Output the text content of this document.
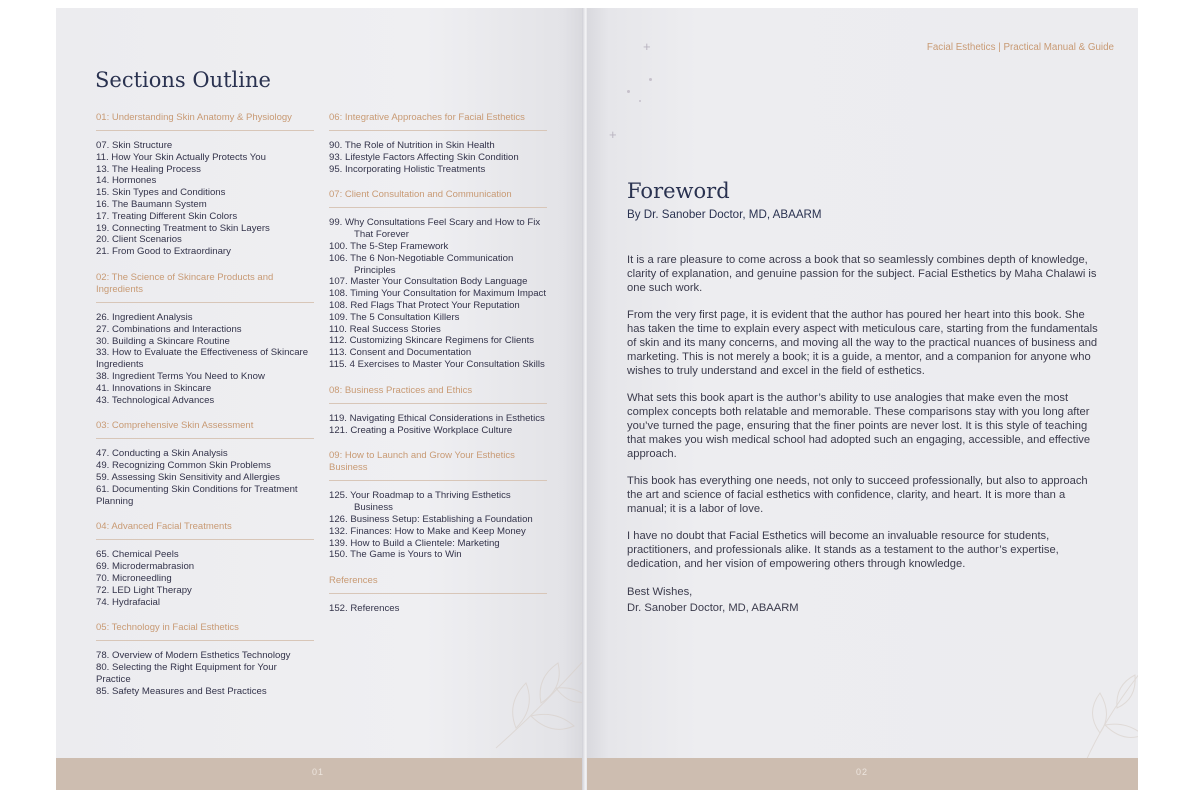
Sections Outline
01: Understanding Skin Anatomy & Physiology
07. Skin Structure
11. How Your Skin Actually Protects You
13. The Healing Process
14. Hormones
15. Skin Types and Conditions
16. The Baumann System
17. Treating Different Skin Colors
19. Connecting Treatment to Skin Layers
20. Client Scenarios
21. From Good to Extraordinary
02: The Science of Skincare Products and Ingredients
26. Ingredient Analysis
27. Combinations and Interactions
30. Building a Skincare Routine
33. How to Evaluate the Effectiveness of Skincare Ingredients
38. Ingredient Terms You Need to Know
41. Innovations in Skincare
43. Technological Advances
03: Comprehensive Skin Assessment
47. Conducting a Skin Analysis
49. Recognizing Common Skin Problems
59. Assessing Skin Sensitivity and Allergies
61. Documenting Skin Conditions for Treatment Planning
04: Advanced Facial Treatments
65. Chemical Peels
69. Microdermabrasion
70. Microneedling
72. LED Light Therapy
74. Hydrafacial
05: Technology in Facial Esthetics
78. Overview of Modern Esthetics Technology
80. Selecting the Right Equipment for Your Practice
85. Safety Measures and Best Practices
06: Integrative Approaches for Facial Esthetics
90. The Role of Nutrition in Skin Health
93. Lifestyle Factors Affecting Skin Condition
95. Incorporating Holistic Treatments
07: Client Consultation and Communication
99. Why Consultations Feel Scary and How to Fix That Forever
100. The 5-Step Framework
106. The 6 Non-Negotiable Communication Principles
107. Master Your Consultation Body Language
108. Timing Your Consultation for Maximum Impact
108. Red Flags That Protect Your Reputation
109. The 5 Consultation Killers
110. Real Success Stories
112. Customizing Skincare Regimens for Clients
113. Consent and Documentation
115. 4 Exercises to Master Your Consultation Skills
08: Business Practices and Ethics
119. Navigating Ethical Considerations in Esthetics
121. Creating a Positive Workplace Culture
09: How to Launch and Grow Your Esthetics Business
125. Your Roadmap to a Thriving Esthetics Business
126. Business Setup: Establishing a Foundation
132. Finances: How to Make and Keep Money
139. How to Build a Clientele: Marketing
150. The Game is Yours to Win
References
152. References
01
Facial Esthetics | Practical Manual & Guide
+
+
Foreword
By Dr. Sanober Doctor, MD, ABAARM

It is a rare pleasure to come across a book that so seamlessly combines depth of knowledge, clarity of explanation, and genuine passion for the subject. Facial Esthetics by Maha Chalawi is one such work.

From the very first page, it is evident that the author has poured her heart into this book. She has taken the time to explain every aspect with meticulous care, starting from the fundamentals of skin and its many concerns, and moving all the way to the practical nuances of business and marketing. This is not merely a book; it is a guide, a mentor, and a companion for anyone who wishes to truly understand and excel in the field of esthetics.

What sets this book apart is the author’s ability to use analogies that make even the most complex concepts both relatable and memorable. These comparisons stay with you long after you’ve turned the page, ensuring that the finer points are never lost. It is this style of teaching that makes you wish medical school had adopted such an engaging, accessible, and effective approach.

This book has everything one needs, not only to succeed professionally, but also to approach the art and science of facial esthetics with confidence, clarity, and heart. It is more than a manual; it is a labor of love.

I have no doubt that Facial Esthetics will become an invaluable resource for students, practitioners, and professionals alike. It stands as a testament to the author’s expertise, dedication, and her vision of empowering others through knowledge.

Best Wishes,
Dr. Sanober Doctor, MD, ABAARM
02
